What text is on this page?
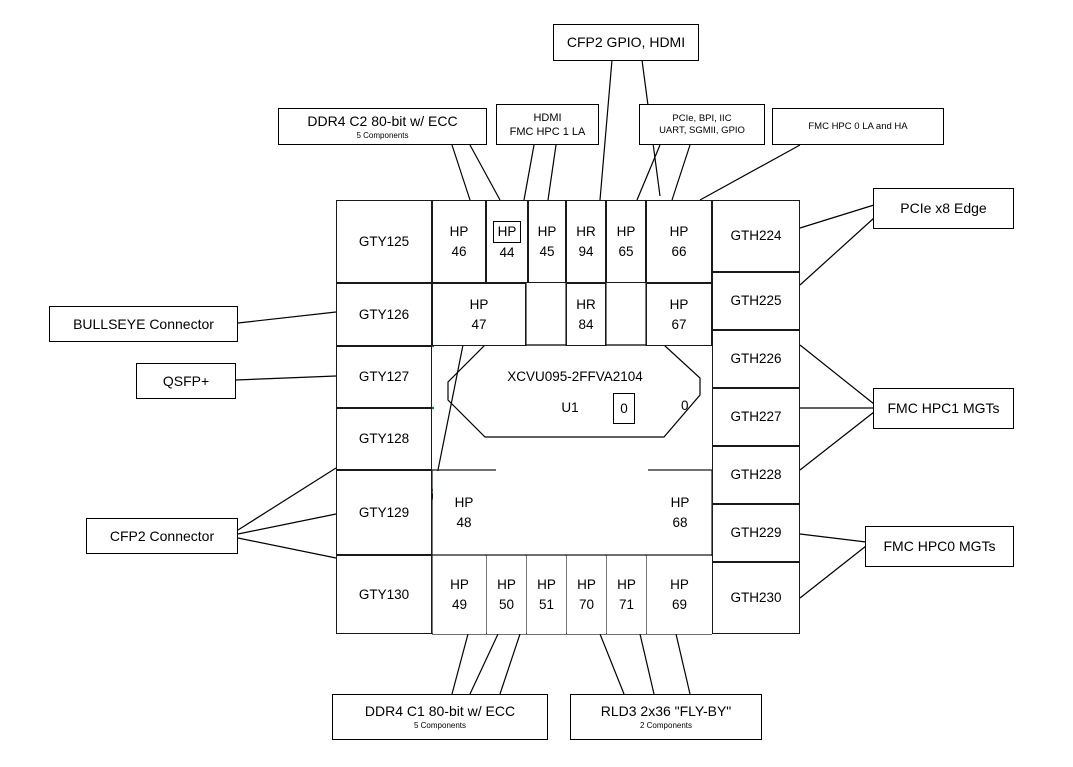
CFP2 GPIO, HDMI
DDR4 C2 80-bit w/ ECC
5 Components
HDMI
FMC HPC 1 LA
PCIe, BPI, IIC
UART, SGMII, GPIO	FMC HPC 0 LA and HA
PCIe x8 Edge
FMC HPC1 MGTs
FMC HPC0 MGTs
BULLSEYE Connector
QSFP+
CFP2 Connector
DDR4 C1 80-bit w/ ECC
5 Components
RLD3 2x36 "FLY-BY"
2 Components
GTY125
GTY126
GTY127
GTY128
GTY129
GTY130
GTH224
GTH225
GTH226
GTH227
GTH228
GTH229
GTH230
HP
46
HP
44
HP
45
HR
94
HP
65
HP
66
HP
47
HR
84
HP
67
HP
48
HP
68
HP
49
HP
50
HP
51
HP
70
HP
71
HP
69
XCVU095-2FFVA2104
U1	0	0
